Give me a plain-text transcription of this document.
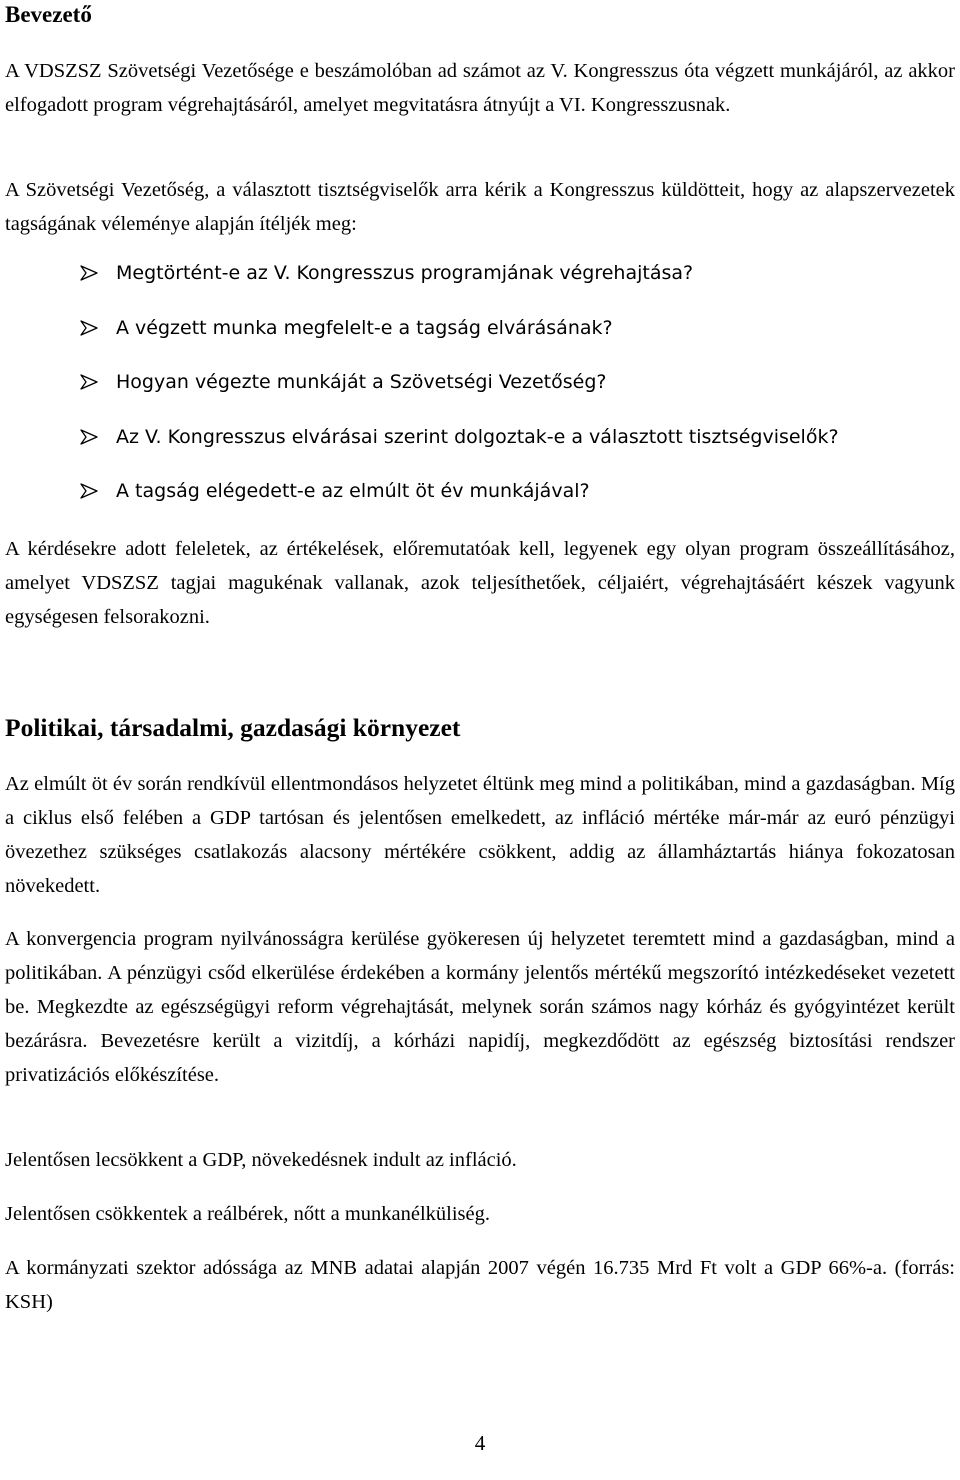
Bevezető

A VDSZSZ Szövetségi Vezetősége e beszámolóban ad számot az V. Kongresszus óta végzett munkájáról, az akkor elfogadott program végrehajtásáról, amelyet megvitatásra átnyújt a VI. Kongresszusnak.

A Szövetségi Vezetőség, a választott tisztségviselők arra kérik a Kongresszus küldötteit, hogy az alapszervezetek tagságának véleménye alapján ítéljék meg:

Megtörtént-e az V. Kongresszus programjának végrehajtása?
A végzett munka megfelelt-e a tagság elvárásának?
Hogyan végezte munkáját a Szövetségi Vezetőség?
Az V. Kongresszus elvárásai szerint dolgoztak-e a választott tisztségviselők?
A tagság elégedett-e az elmúlt öt év munkájával?

A kérdésekre adott feleletek, az értékelések, előremutatóak kell, legyenek egy olyan program összeállításához, amelyet VDSZSZ tagjai magukénak vallanak, azok teljesíthetőek, céljaiért, végrehajtásáért készek vagyunk egységesen felsorakozni.

Politikai, társadalmi, gazdasági környezet

Az elmúlt öt év során rendkívül ellentmondásos helyzetet éltünk meg mind a politikában, mind a gazdaságban. Míg a ciklus első felében a GDP tartósan és jelentősen emelkedett, az infláció mértéke már-már az euró pénzügyi övezethez szükséges csatlakozás alacsony mértékére csökkent, addig az államháztartás hiánya fokozatosan növekedett.

A konvergencia program nyilvánosságra kerülése gyökeresen új helyzetet teremtett mind a gazdaságban, mind a politikában. A pénzügyi csőd elkerülése érdekében a kormány jelentős mértékű megszorító intézkedéseket vezetett be. Megkezdte az egészségügyi reform végrehajtását, melynek során számos nagy kórház és gyógyintézet került bezárásra. Bevezetésre került a vizitdíj, a kórházi napidíj, megkezdődött az egészség biztosítási rendszer privatizációs előkészítése.

Jelentősen lecsökkent a GDP, növekedésnek indult az infláció.

Jelentősen csökkentek a reálbérek, nőtt a munkanélküliség.

A kormányzati szektor adóssága az MNB adatai alapján 2007 végén 16.735 Mrd Ft volt a GDP 66%-a. (forrás: KSH)

4
